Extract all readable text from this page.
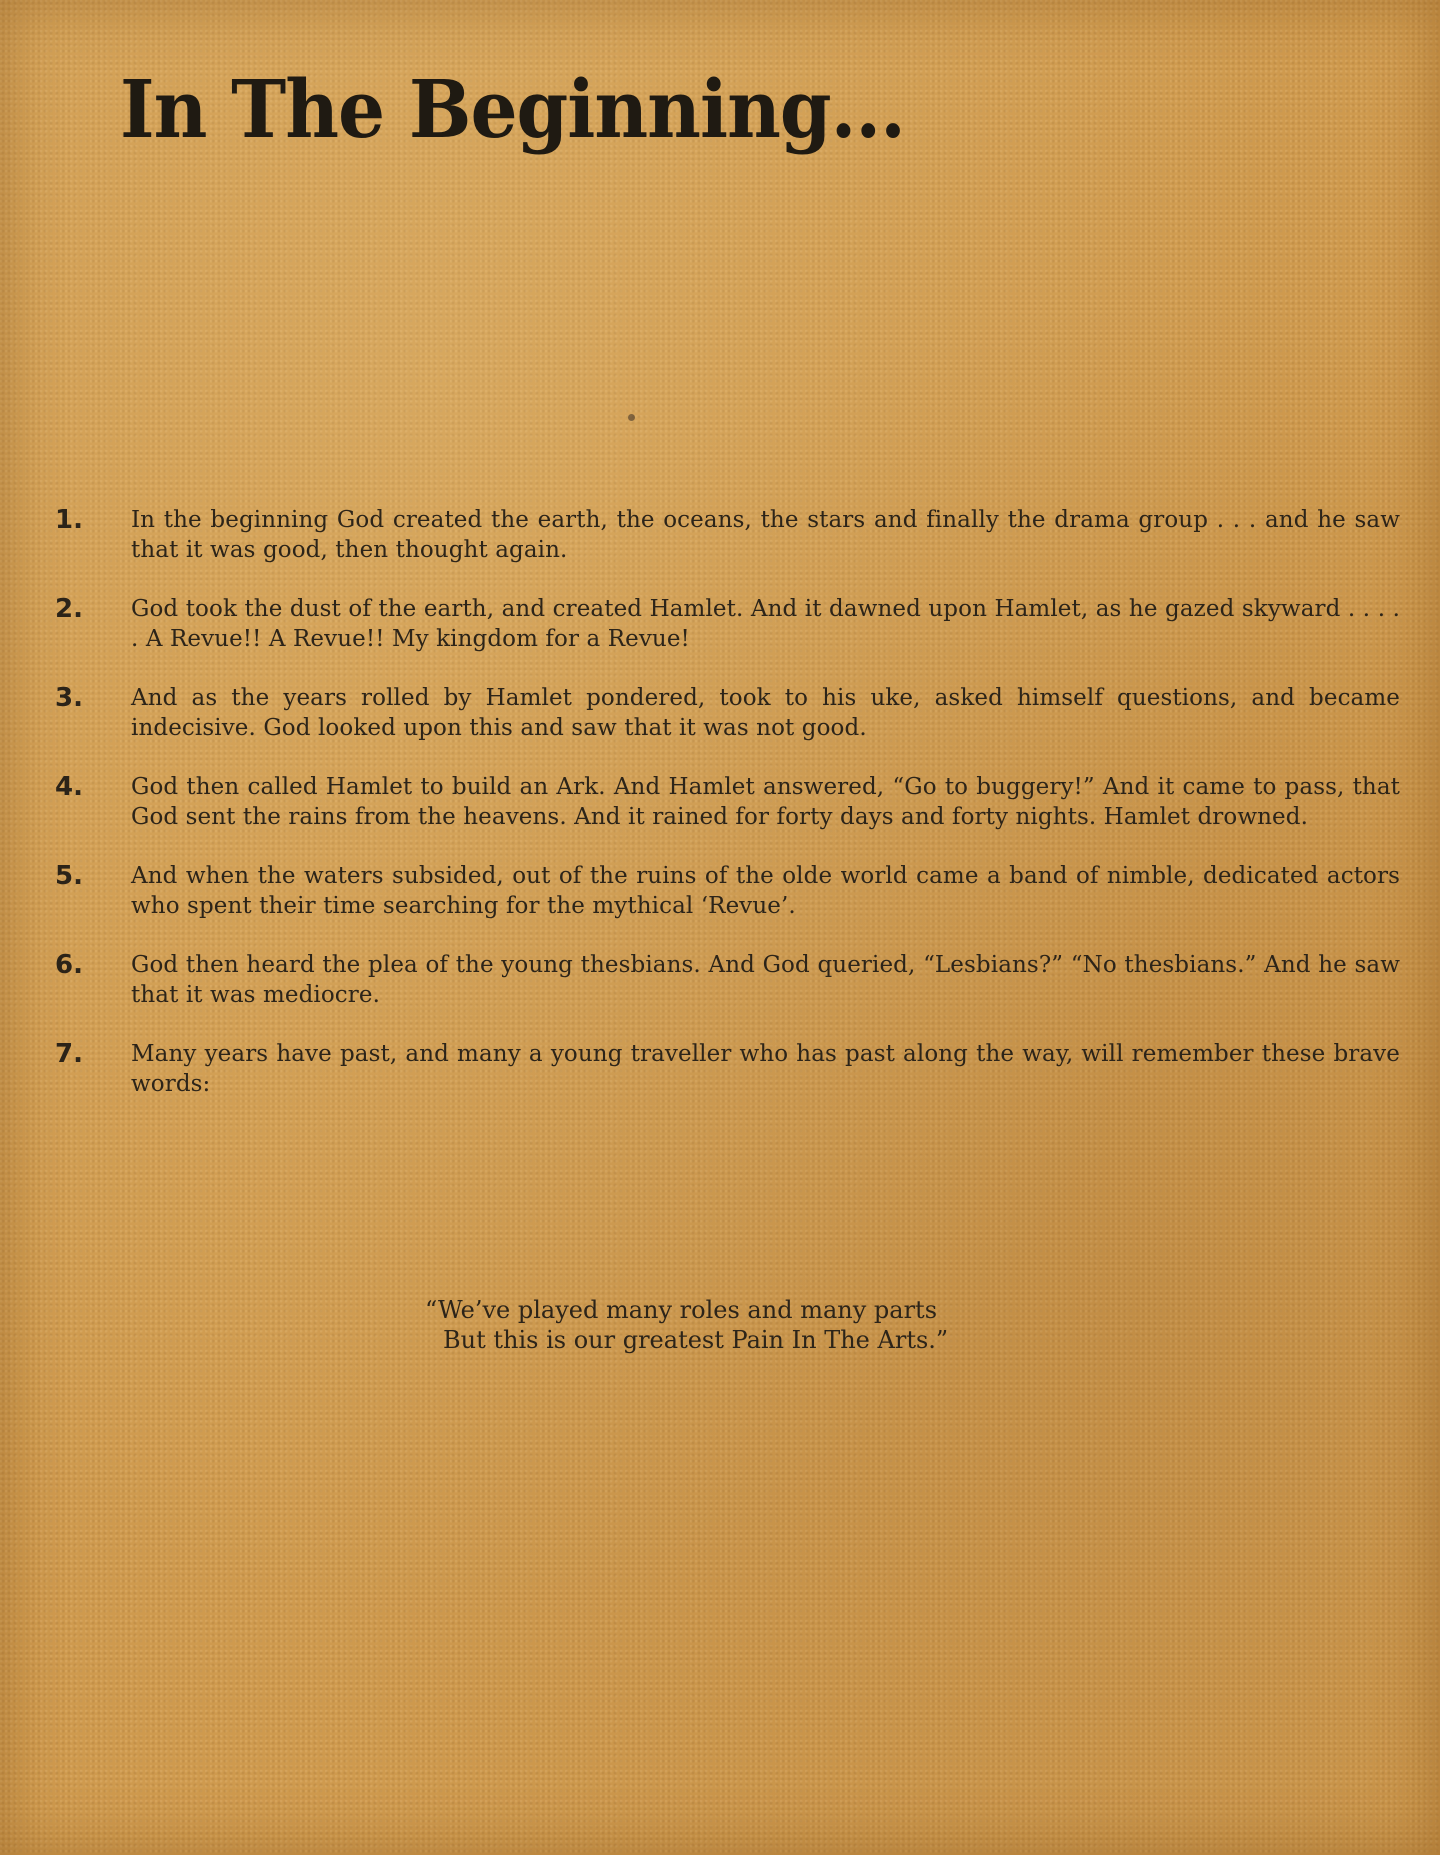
In The Beginning...
1. In the beginning God created the earth, the oceans, the stars and finally the drama group . . . and he saw that it was good, then thought again.
2. God took the dust of the earth, and created Hamlet. And it dawned upon Hamlet, as he gazed skyward . . . . . A Revue!! A Revue!! My kingdom for a Revue!
3. And as the years rolled by Hamlet pondered, took to his uke, asked himself questions, and became indecisive. God looked upon this and saw that it was not good.
4. God then called Hamlet to build an Ark. And Hamlet answered, “Go to buggery!” And it came to pass, that God sent the rains from the heavens. And it rained for forty days and forty nights. Hamlet drowned.
5. And when the waters subsided, out of the ruins of the olde world came a band of nimble, dedicated actors who spent their time searching for the mythical ‘Revue’.
6. God then heard the plea of the young thesbians. And God queried, “Lesbians?” “No thesbians.” And he saw that it was mediocre.
7. Many years have past, and many a young traveller who has past along the way, will remember these brave words:
“We’ve played many roles and many parts
But this is our greatest Pain In The Arts.”
